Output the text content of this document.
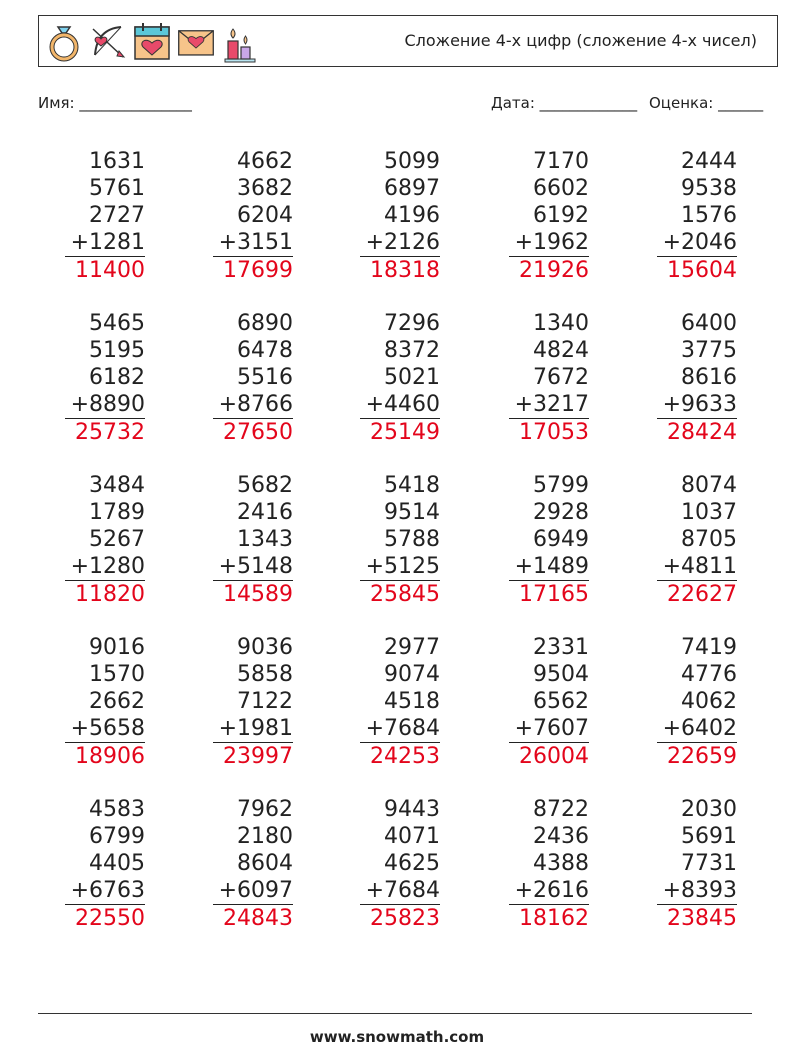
Сложение 4-х цифр (сложение 4-х чисел)
Имя: _______________	Дата: _____________ Оценка: ______
1631
5761
2727
+1281
11400
4662
3682
6204
+3151
17699
5099
6897
4196
+2126
18318
7170
6602
6192
+1962
21926
2444
9538
1576
+2046
15604
5465
5195
6182
+8890
25732
6890
6478
5516
+8766
27650
7296
8372
5021
+4460
25149
1340
4824
7672
+3217
17053
6400
3775
8616
+9633
28424
3484
1789
5267
+1280
11820
5682
2416
1343
+5148
14589
5418
9514
5788
+5125
25845
5799
2928
6949
+1489
17165
8074
1037
8705
+4811
22627
9016
1570
2662
+5658
18906
9036
5858
7122
+1981
23997
2977
9074
4518
+7684
24253
2331
9504
6562
+7607
26004
7419
4776
4062
+6402
22659
4583
6799
4405
+6763
22550
7962
2180
8604
+6097
24843
9443
4071
4625
+7684
25823
8722
2436
4388
+2616
18162
2030
5691
7731
+8393
23845
www.snowmath.com
